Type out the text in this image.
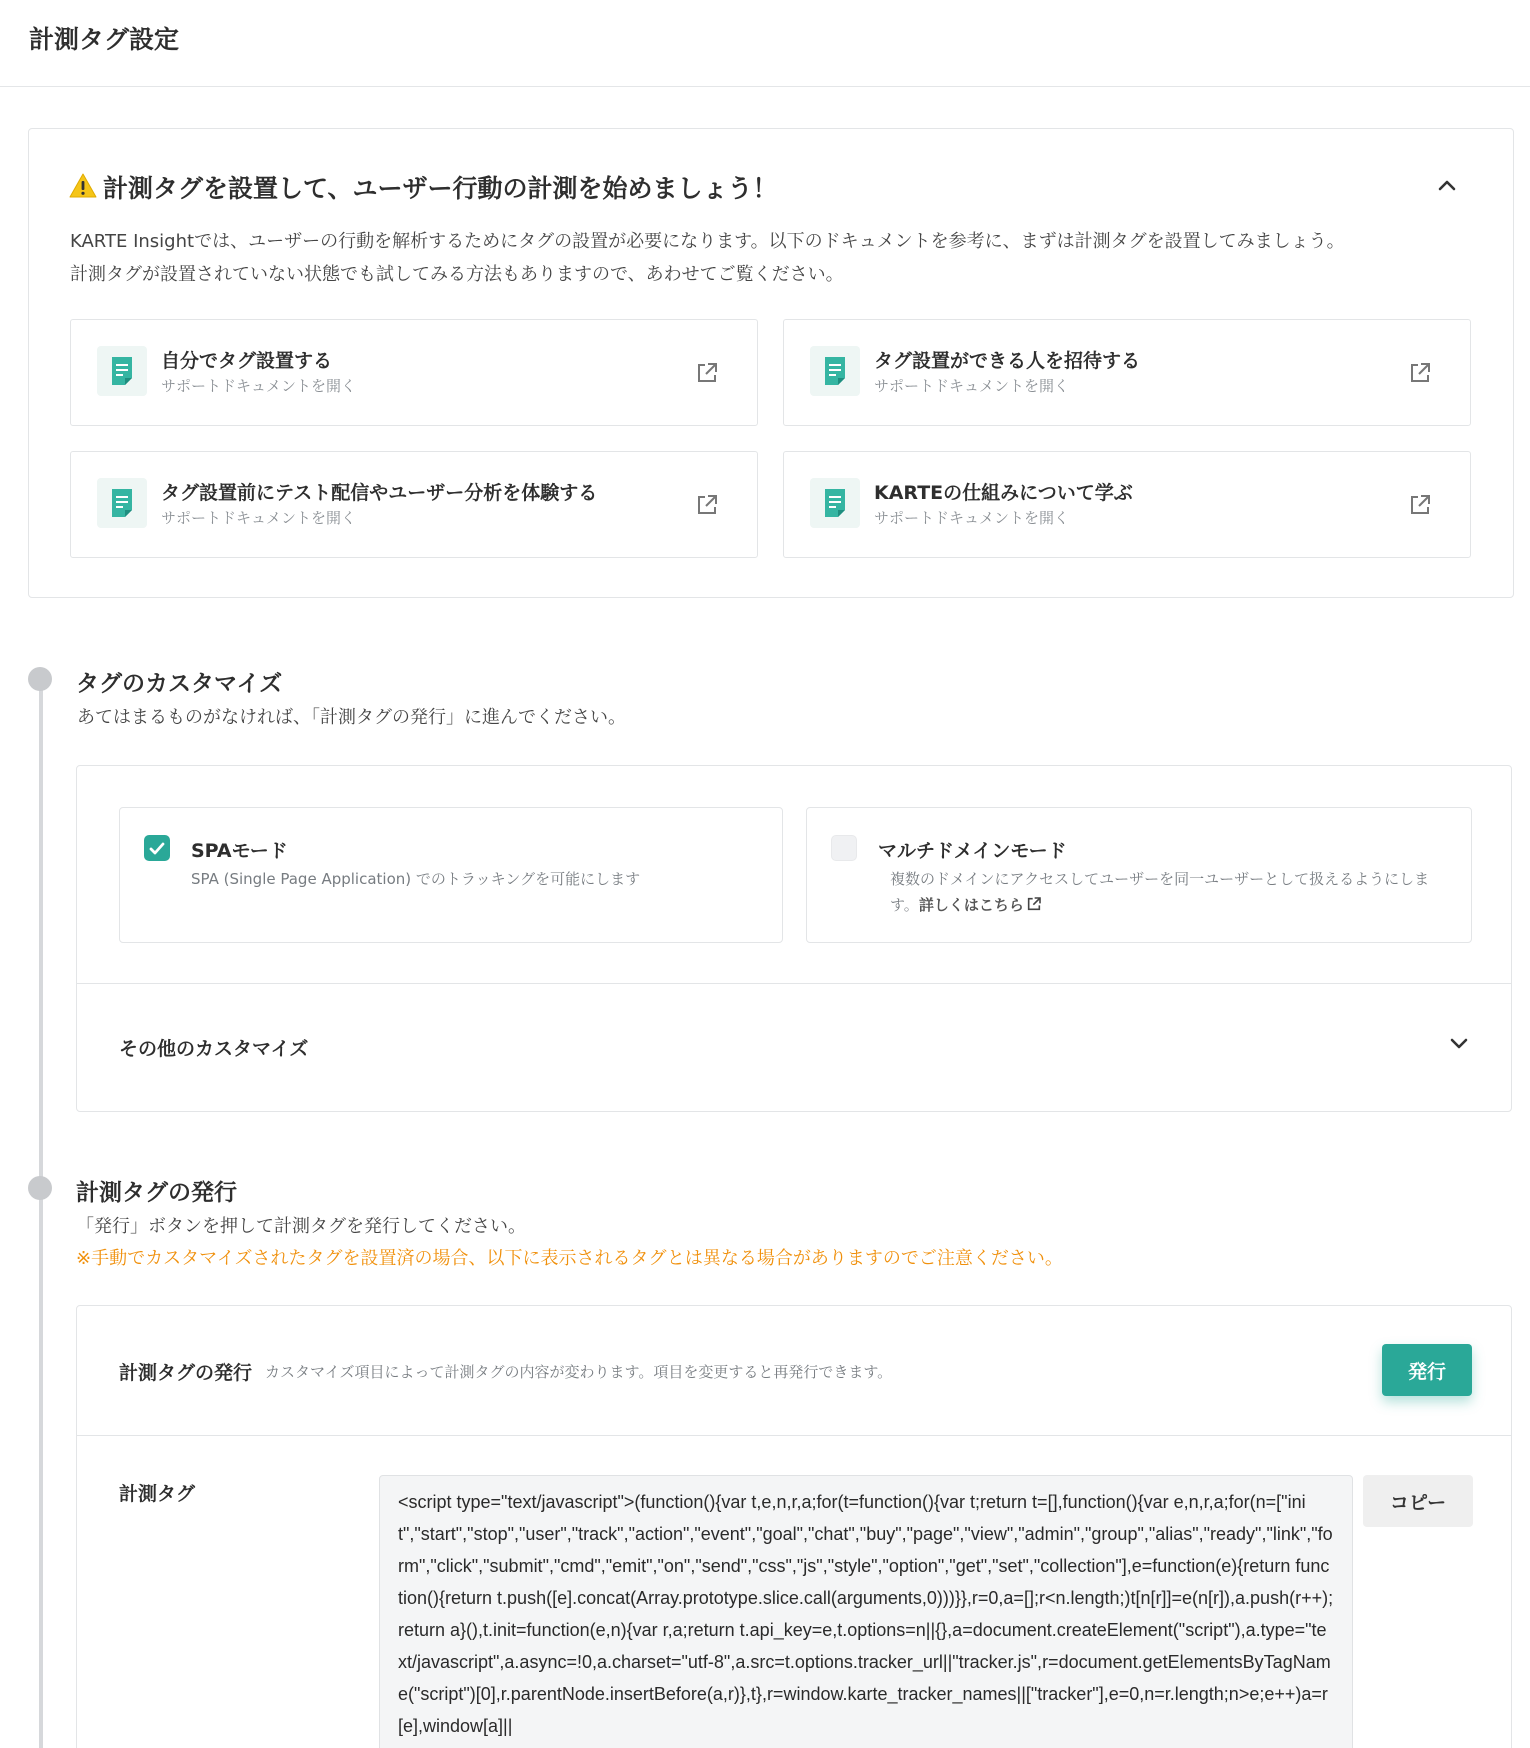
計測タグ設定
計測タグを設置して、ユーザー行動の計測を始めましょう！
KARTE Insightでは、ユーザーの行動を解析するためにタグの設置が必要になります。以下のドキュメントを参考に、まずは計測タグを設置してみましょう。
計測タグが設置されていない状態でも試してみる方法もありますので、あわせてご覧ください。
自分でタグ設置する
サポートドキュメントを開く
タグ設置ができる人を招待する
サポートドキュメントを開く
タグ設置前にテスト配信やユーザー分析を体験する
サポートドキュメントを開く
KARTEの仕組みについて学ぶ
サポートドキュメントを開く
タグのカスタマイズ

あてはまるものがなければ、「計測タグの発行」に進んでください。

SPAモード
SPA (Single Page Application) でのトラッキングを可能にします
マルチドメインモード
複数のドメインにアクセスしてユーザーを同一ユーザーとして扱えるようにします。詳しくはこちら
その他のカスタマイズ
計測タグの発行

「発行」ボタンを押して計測タグを発行してください。

※手動でカスタマイズされたタグを設置済の場合、以下に表示されるタグとは異なる場合がありますのでご注意ください。

計測タグの発行 カスタマイズ項目によって計測タグの内容が変わります。項目を変更すると再発行できます。	発行
計測タグ	<script type="text/javascript">(function(){var t,e,n,r,a;for(t=function(){var t;return t=[],function(){var e,n,r,a;for(n=["init","start","stop","user","track","action","event","goal","chat","buy","page","view","admin","group","alias","ready","link","form","click","submit","cmd","emit","on","send","css","js","style","option","get","set","collection"],e=function(e){return function(){return t.push([e].concat(Array.prototype.slice.call(arguments,0)))}},r=0,a=[];r<n.length;)t[n[r]]=e(n[r]),a.push(r++);return a}(),t.init=function(e,n){var r,a;return t.api_key=e,t.options=n||{},a=document.createElement("script"),a.type="text/javascript",a.async=!0,a.charset="utf-8",a.src=t.options.tracker_url||"tracker.js",r=document.getElementsByTagName("script")[0],r.parentNode.insertBefore(a,r)},t},r=window.karte_tracker_names||["tracker"],e=0,n=r.length;n>e;e++)a=r[e],window[a]||
コピー
